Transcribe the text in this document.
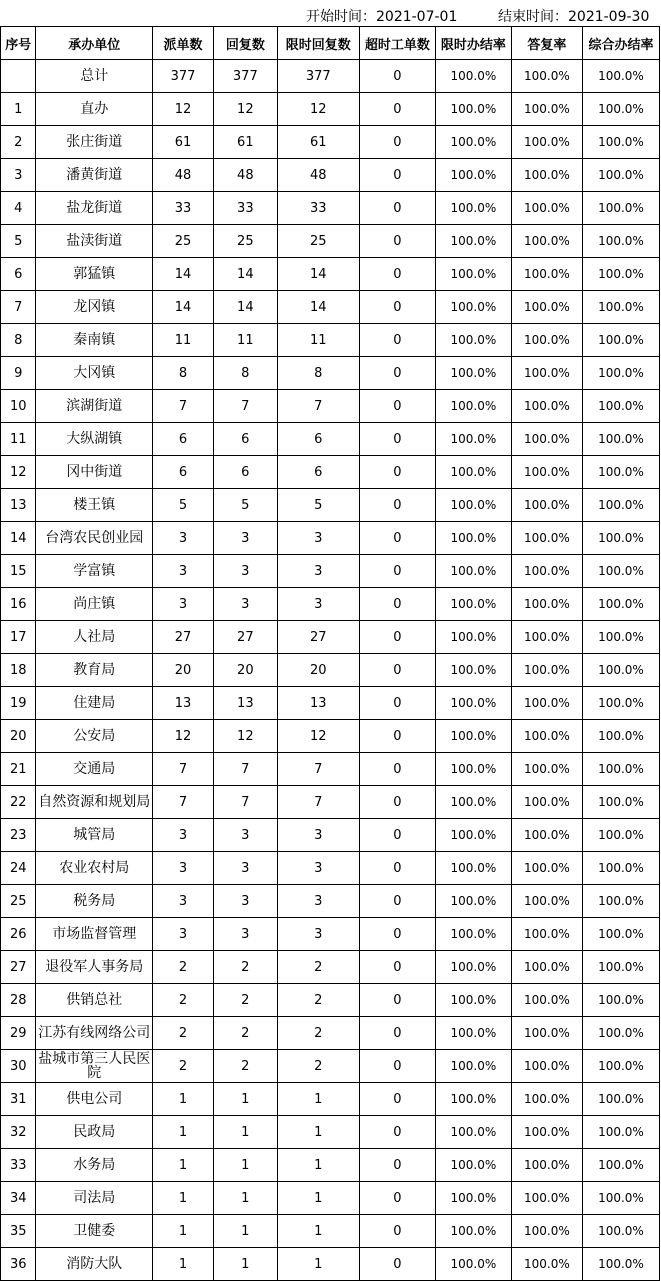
开始时间：2021-07-01	结束时间：2021-09-30
序号	承办单位	派单数	回复数	限时回复数	超时工单数	限时办结率	答复率	综合办结率
	总计	377	377	377	0	100.0%	100.0%	100.0%
1	直办	12	12	12	0	100.0%	100.0%	100.0%
2	张庄街道	61	61	61	0	100.0%	100.0%	100.0%
3	潘黄街道	48	48	48	0	100.0%	100.0%	100.0%
4	盐龙街道	33	33	33	0	100.0%	100.0%	100.0%
5	盐渎街道	25	25	25	0	100.0%	100.0%	100.0%
6	郭猛镇	14	14	14	0	100.0%	100.0%	100.0%
7	龙冈镇	14	14	14	0	100.0%	100.0%	100.0%
8	秦南镇	11	11	11	0	100.0%	100.0%	100.0%
9	大冈镇	8	8	8	0	100.0%	100.0%	100.0%
10	滨湖街道	7	7	7	0	100.0%	100.0%	100.0%
11	大纵湖镇	6	6	6	0	100.0%	100.0%	100.0%
12	冈中街道	6	6	6	0	100.0%	100.0%	100.0%
13	楼王镇	5	5	5	0	100.0%	100.0%	100.0%
14	台湾农民创业园	3	3	3	0	100.0%	100.0%	100.0%
15	学富镇	3	3	3	0	100.0%	100.0%	100.0%
16	尚庄镇	3	3	3	0	100.0%	100.0%	100.0%
17	人社局	27	27	27	0	100.0%	100.0%	100.0%
18	教育局	20	20	20	0	100.0%	100.0%	100.0%
19	住建局	13	13	13	0	100.0%	100.0%	100.0%
20	公安局	12	12	12	0	100.0%	100.0%	100.0%
21	交通局	7	7	7	0	100.0%	100.0%	100.0%
22	自然资源和规划局	7	7	7	0	100.0%	100.0%	100.0%
23	城管局	3	3	3	0	100.0%	100.0%	100.0%
24	农业农村局	3	3	3	0	100.0%	100.0%	100.0%
25	税务局	3	3	3	0	100.0%	100.0%	100.0%
26	市场监督管理	3	3	3	0	100.0%	100.0%	100.0%
27	退役军人事务局	2	2	2	0	100.0%	100.0%	100.0%
28	供销总社	2	2	2	0	100.0%	100.0%	100.0%
29	江苏有线网络公司	2	2	2	0	100.0%	100.0%	100.0%
30	盐城市第三人民医院	2	2	2	0	100.0%	100.0%	100.0%
31	供电公司	1	1	1	0	100.0%	100.0%	100.0%
32	民政局	1	1	1	0	100.0%	100.0%	100.0%
33	水务局	1	1	1	0	100.0%	100.0%	100.0%
34	司法局	1	1	1	0	100.0%	100.0%	100.0%
35	卫健委	1	1	1	0	100.0%	100.0%	100.0%
36	消防大队	1	1	1	0	100.0%	100.0%	100.0%
